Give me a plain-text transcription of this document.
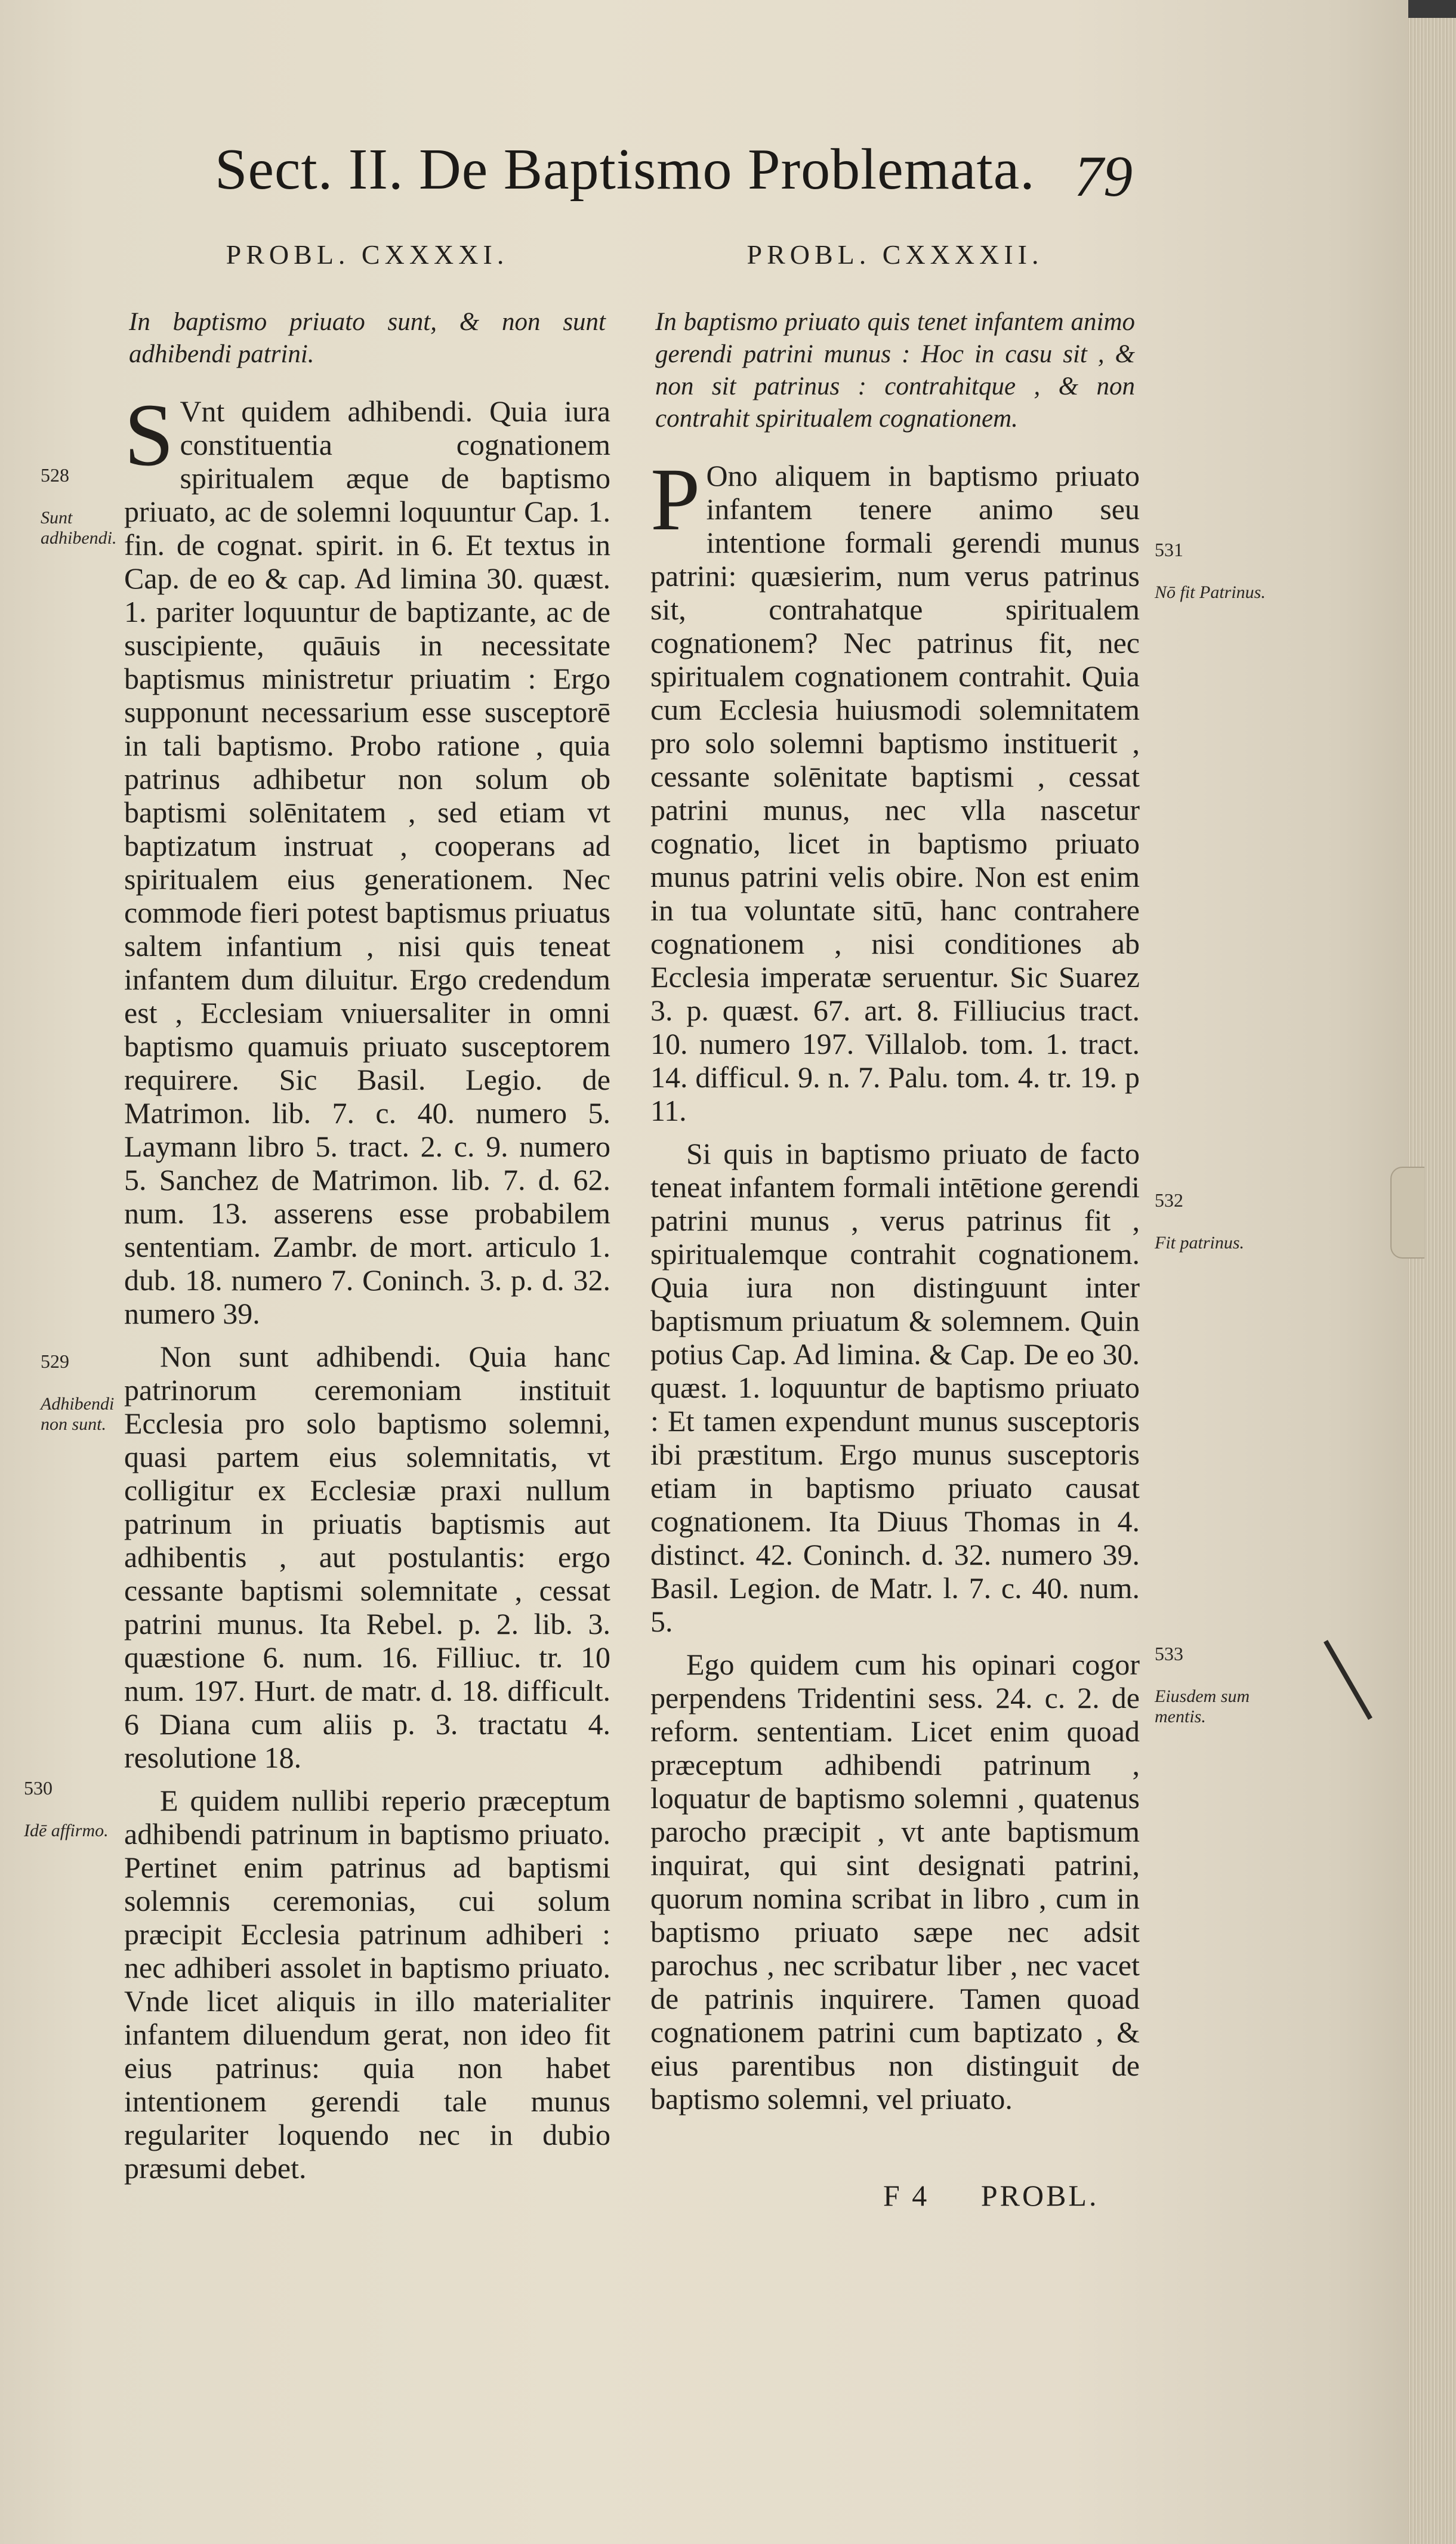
Sect. II. De Baptismo Problemata. 79
PROBL. CXXXXI.
In baptismo priuato sunt, & non sunt adhibendi patrini.
S Vnt quidem adhibendi. Quia iura constituentia cognationem spiritualem æque de baptismo priuato, ac de solemni loquuntur Cap. 1. fin. de cognat. spirit. in 6. Et textus in Cap. de eo & cap. Ad limina 30. quæst. 1. pariter loquuntur de baptizante, ac de suscipiente, quāuis in necessitate baptismus ministretur priuatim : Ergo supponunt necessarium esse susceptorē in tali baptismo. Probo ratione , quia patrinus adhibetur non solum ob baptismi solēnitatem , sed etiam vt baptizatum instruat , cooperans ad spiritualem eius generationem. Nec commode fieri potest baptismus priuatus saltem infantium , nisi quis teneat infantem dum diluitur. Ergo credendum est , Ecclesiam vniuersaliter in omni baptismo quamuis priuato susceptorem requirere. Sic Basil. Legio. de Matrimon. lib. 7. c. 40. numero 5. Laymann libro 5. tract. 2. c. 9. numero 5. Sanchez de Matrimon. lib. 7. d. 62. num. 13. asserens esse probabilem sententiam. Zambr. de mort. articulo 1. dub. 18. numero 7. Coninch. 3. p. d. 32. numero 39.
Non sunt adhibendi. Quia hanc patrinorum ceremoniam instituit Ecclesia pro solo baptismo solemni, quasi partem eius solemnitatis, vt colligitur ex Ecclesiæ praxi nullum patrinum in priuatis baptismis aut adhibentis , aut postulantis: ergo cessante baptismi solemnitate , cessat patrini munus. Ita Rebel. p. 2. lib. 3. quæstione 6. num. 16. Filliuc. tr. 10 num. 197. Hurt. de matr. d. 18. difficult. 6 Diana cum aliis p. 3. tractatu 4. resolutione 18.
E quidem nullibi reperio præceptum adhibendi patrinum in baptismo priuato. Pertinet enim patrinus ad baptismi solemnis ceremonias, cui solum præcipit Ecclesia patrinum adhiberi : nec adhiberi assolet in baptismo priuato. Vnde licet aliquis in illo materialiter infantem diluendum gerat, non ideo fit eius patrinus: quia non habet intentionem gerendi tale munus regulariter loquendo nec in dubio præsumi debet.

528

Sunt adhibendi.

529

Adhibendi non sunt.

530

Idē affirmo.

PROBL. CXXXXII.
In baptismo priuato quis tenet infantem animo gerendi patrini munus : Hoc in casu sit , & non sit patrinus : contrahitque , & non contrahit spiritualem cognationem.
P Ono aliquem in baptismo priuato infantem tenere animo seu intentione formali gerendi munus patrini: quæsierim, num verus patrinus sit, contrahatque spiritualem cognationem? Nec patrinus fit, nec spiritualem cognationem contrahit. Quia cum Ecclesia huiusmodi solemnitatem pro solo solemni baptismo instituerit , cessante solēnitate baptismi , cessat patrini munus, nec vlla nascetur cognatio, licet in baptismo priuato munus patrini velis obire. Non est enim in tua voluntate sitū, hanc contrahere cognationem , nisi conditiones ab Ecclesia imperatæ seruentur. Sic Suarez 3. p. quæst. 67. art. 8. Filliucius tract. 10. numero 197. Villalob. tom. 1. tract. 14. difficul. 9. n. 7. Palu. tom. 4. tr. 19. p 11.
Si quis in baptismo priuato de facto teneat infantem formali intētione gerendi patrini munus , verus patrinus fit , spiritualemque contrahit cognationem. Quia iura non distinguunt inter baptismum priuatum & solemnem. Quin potius Cap. Ad limina. & Cap. De eo 30. quæst. 1. loquuntur de baptismo priuato : Et tamen expendunt munus susceptoris ibi præstitum. Ergo munus susceptoris etiam in baptismo priuato causat cognationem. Ita Diuus Thomas in 4. distinct. 42. Coninch. d. 32. numero 39. Basil. Legion. de Matr. l. 7. c. 40. num. 5.
Ego quidem cum his opinari cogor perpendens Tridentini sess. 24. c. 2. de reform. sententiam. Licet enim quoad præceptum adhibendi patrinum , loquatur de baptismo solemni , quatenus parocho præcipit , vt ante baptismum inquirat, qui sint designati patrini, quorum nomina scribat in libro , cum in baptismo priuato sæpe nec adsit parochus , nec scribatur liber , nec vacet de patrinis inquirere. Tamen quoad cognationem patrini cum baptizato , & eius parentibus non distinguit de baptismo solemni, vel priuato.

531

Nō fit Patrinus.

532

Fit patrinus.

533

Eiusdem sum mentis.

F 4 PROBL.
